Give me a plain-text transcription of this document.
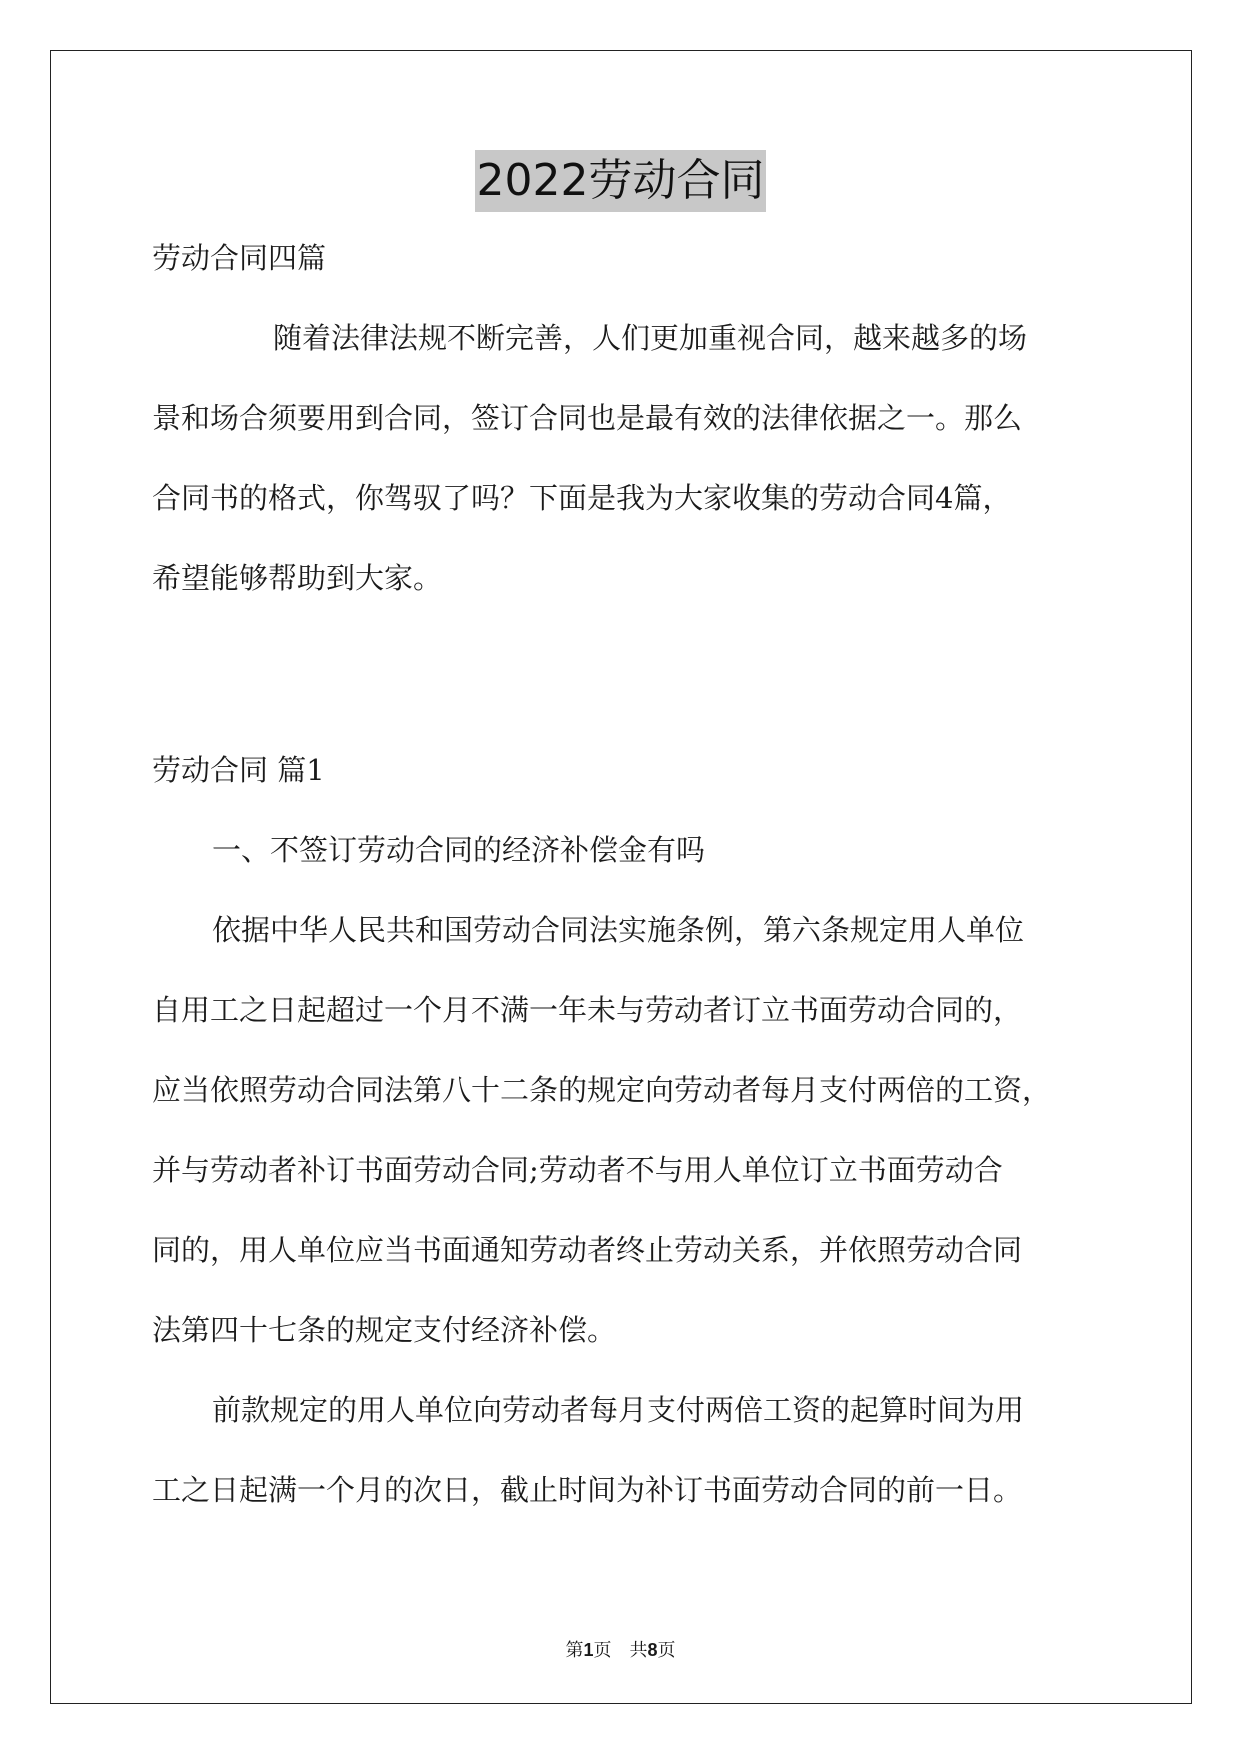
2022劳动合同
劳动合同四篇
随着法律法规不断完善，人们更加重视合同，越来越多的场
景和场合须要用到合同，签订合同也是最有效的法律依据之一。那么
合同书的格式，你驾驭了吗？下面是我为大家收集的劳动合同4篇，
希望能够帮助到大家。
劳动合同 篇1
一、不签订劳动合同的经济补偿金有吗
依据中华人民共和国劳动合同法实施条例，第六条规定用人单位
自用工之日起超过一个月不满一年未与劳动者订立书面劳动合同的，
应当依照劳动合同法第八十二条的规定向劳动者每月支付两倍的工资，
并与劳动者补订书面劳动合同;劳动者不与用人单位订立书面劳动合
同的，用人单位应当书面通知劳动者终止劳动关系，并依照劳动合同
法第四十七条的规定支付经济补偿。
前款规定的用人单位向劳动者每月支付两倍工资的起算时间为用
工之日起满一个月的次日，截止时间为补订书面劳动合同的前一日。
第1页　共8页
